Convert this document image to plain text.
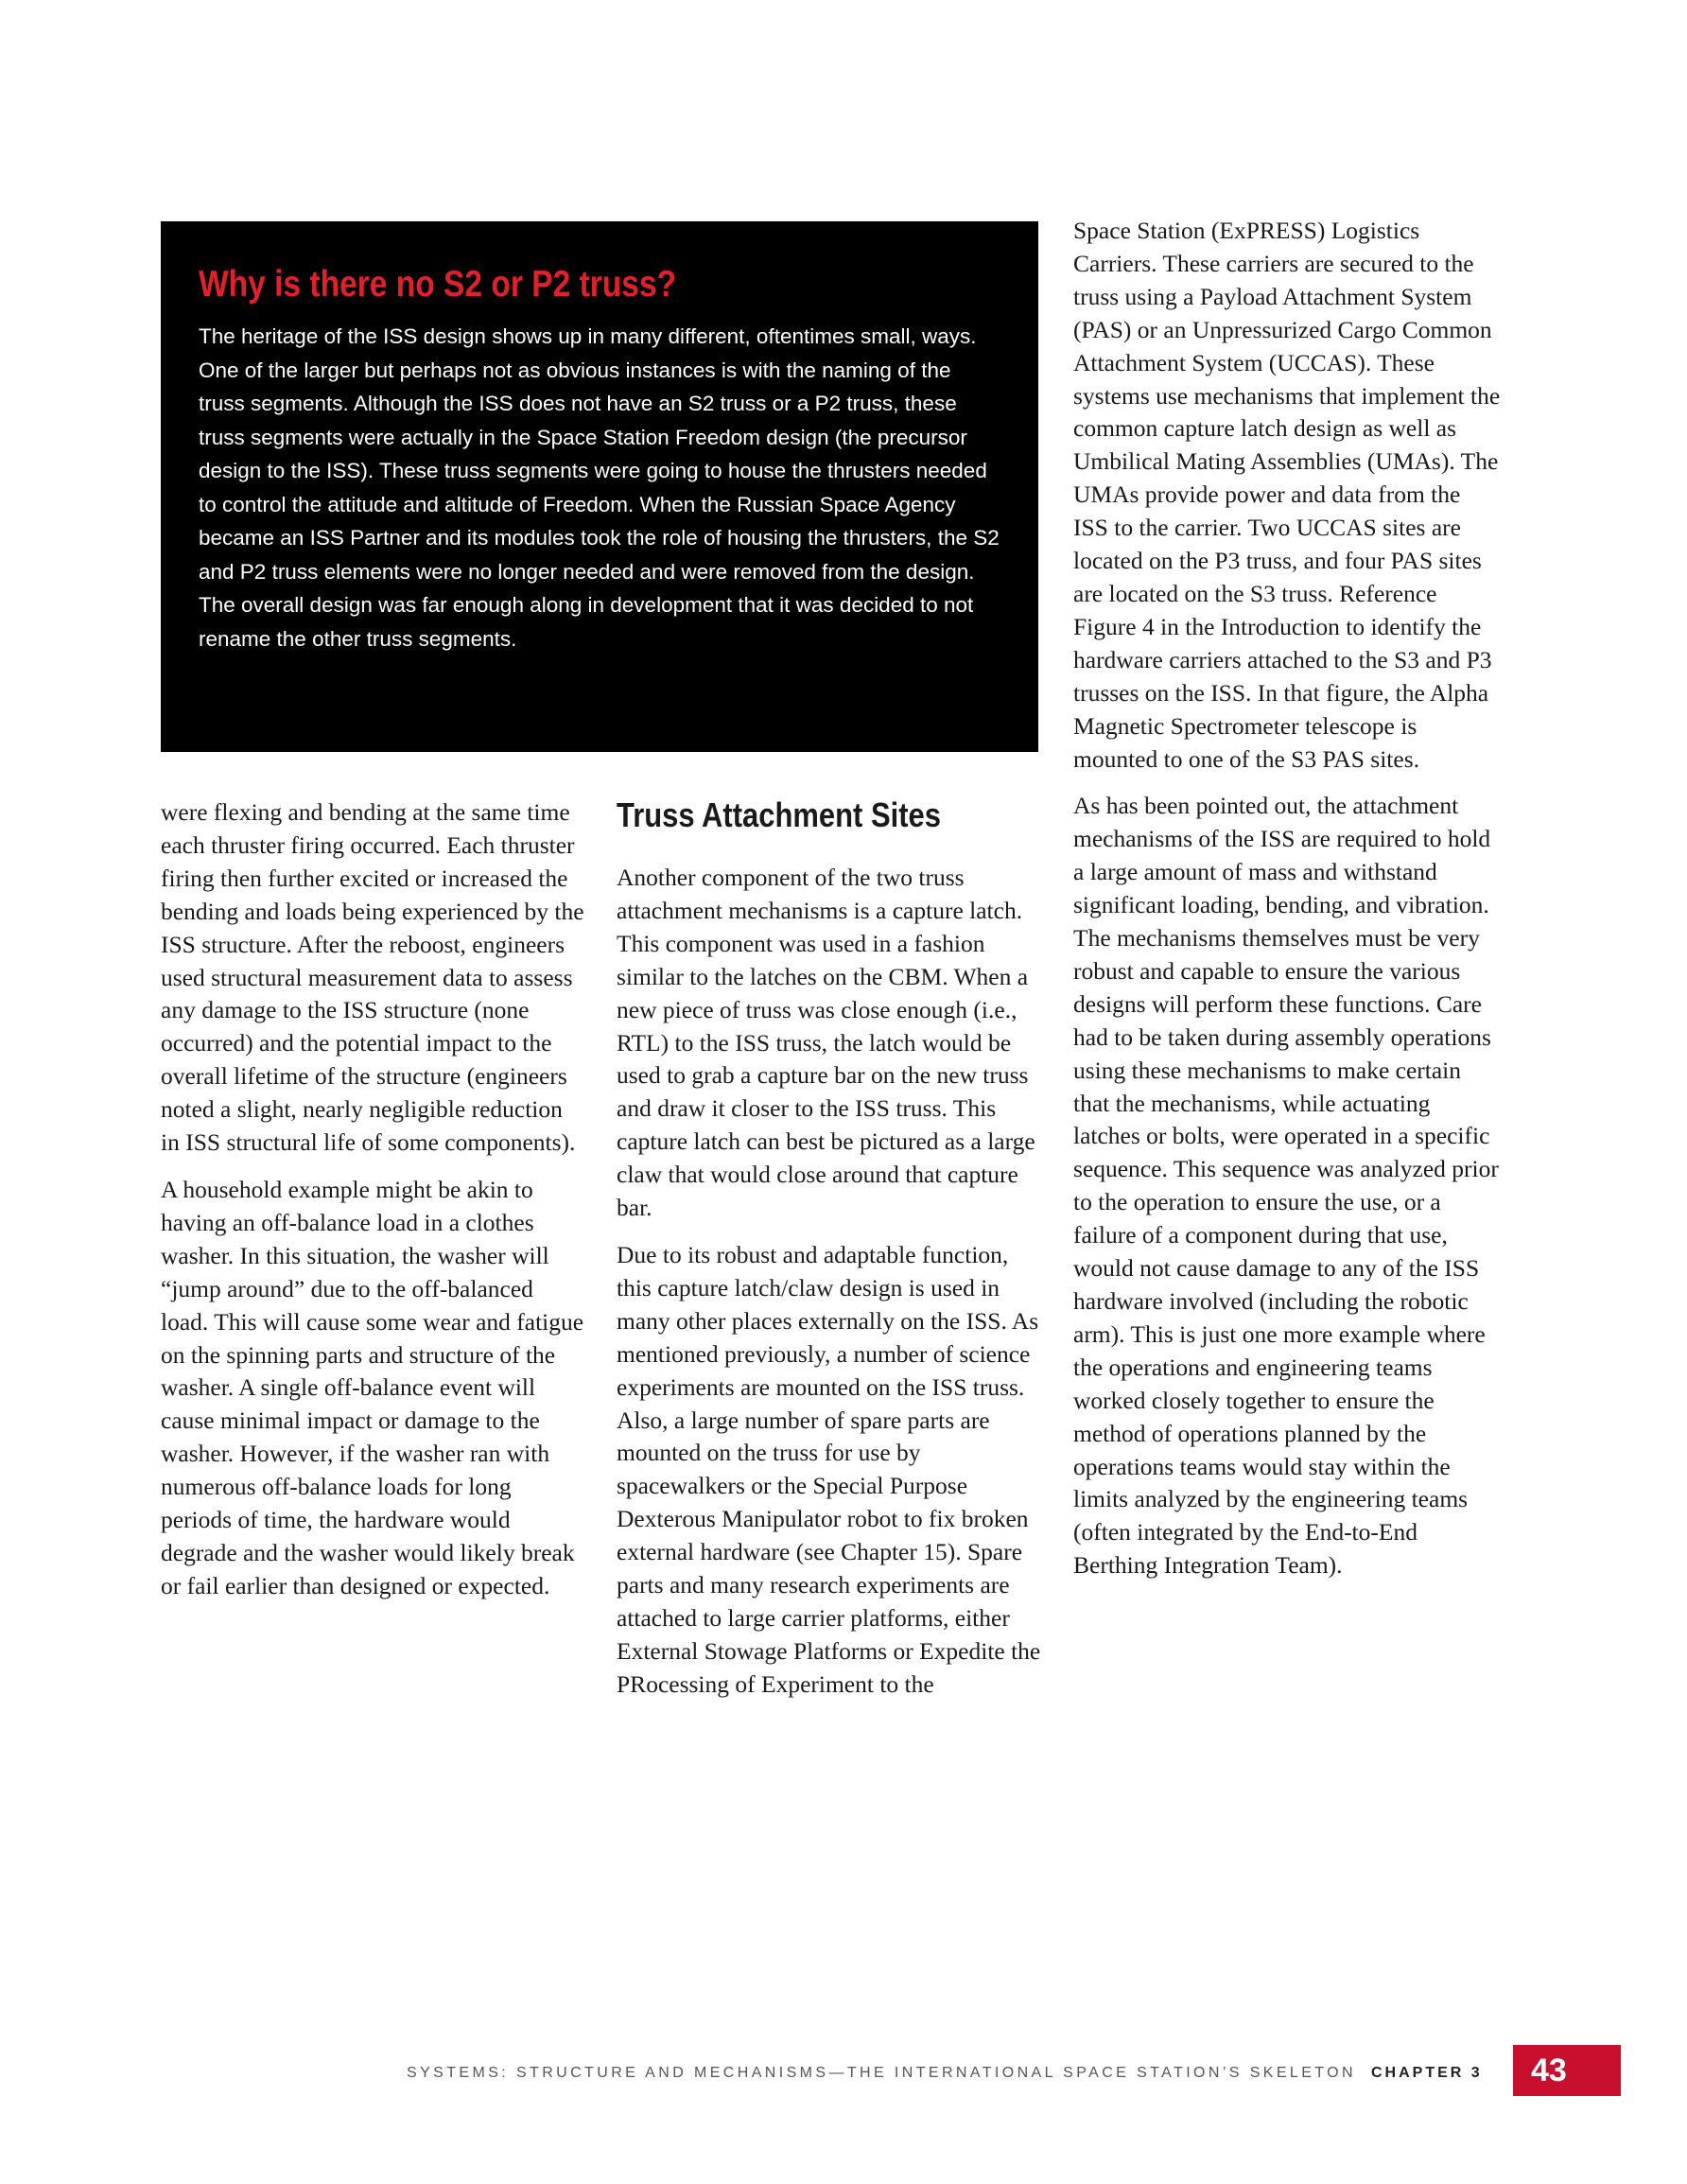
Why is there no S2 or P2 truss?

The heritage of the ISS design shows up in many different, oftentimes small, ways. One of the larger but perhaps not as obvious instances is with the naming of the truss segments. Although the ISS does not have an S2 truss or a P2 truss, these truss segments were actually in the Space Station Freedom design (the precursor design to the ISS). These truss segments were going to house the thrusters needed to control the attitude and altitude of Freedom. When the Russian Space Agency became an ISS Partner and its modules took the role of housing the thrusters, the S2 and P2 truss elements were no longer needed and were removed from the design. The overall design was far enough along in development that it was decided to not rename the other truss segments.

were flexing and bending at the same time each thruster firing occurred. Each thruster firing then further excited or increased the bending and loads being experienced by the ISS structure. After the reboost, engineers used structural measurement data to assess any damage to the ISS structure (none occurred) and the potential impact to the overall lifetime of the structure (engineers noted a slight, nearly negligible reduction in ISS structural life of some components).

A household example might be akin to having an off-balance load in a clothes washer. In this situation, the washer will “jump around” due to the off-balanced load. This will cause some wear and fatigue on the spinning parts and structure of the washer. A single off-balance event will cause minimal impact or damage to the washer. However, if the washer ran with numerous off-balance loads for long periods of time, the hardware would degrade and the washer would likely break or fail earlier than designed or expected.

Truss Attachment Sites

Another component of the two truss attachment mechanisms is a capture latch. This component was used in a fashion similar to the latches on the CBM. When a new piece of truss was close enough (i.e., RTL) to the ISS truss, the latch would be used to grab a capture bar on the new truss and draw it closer to the ISS truss. This capture latch can best be pictured as a large claw that would close around that capture bar.

Due to its robust and adaptable function, this capture latch/claw design is used in many other places externally on the ISS. As mentioned previously, a number of science experiments are mounted on the ISS truss. Also, a large number of spare parts are mounted on the truss for use by spacewalkers or the Special Purpose Dexterous Manipulator robot to fix broken external hardware (see Chapter 15). Spare parts and many research experiments are attached to large carrier platforms, either External Stowage Platforms or Expedite the PRocessing of Experiment to the

Space Station (ExPRESS) Logistics Carriers. These carriers are secured to the truss using a Payload Attachment System (PAS) or an Unpressurized Cargo Common Attachment System (UCCAS). These systems use mechanisms that implement the common capture latch design as well as Umbilical Mating Assemblies (UMAs). The UMAs provide power and data from the ISS to the carrier. Two UCCAS sites are located on the P3 truss, and four PAS sites are located on the S3 truss. Reference Figure 4 in the Introduction to identify the hardware carriers attached to the S3 and P3 trusses on the ISS. In that figure, the Alpha Magnetic Spectrometer telescope is mounted to one of the S3 PAS sites.

As has been pointed out, the attachment mechanisms of the ISS are required to hold a large amount of mass and withstand significant loading, bending, and vibration. The mechanisms themselves must be very robust and capable to ensure the various designs will perform these functions. Care had to be taken during assembly operations using these mechanisms to make certain that the mechanisms, while actuating latches or bolts, were operated in a specific sequence. This sequence was analyzed prior to the operation to ensure the use, or a failure of a component during that use, would not cause damage to any of the ISS hardware involved (including the robotic arm). This is just one more example where the operations and engineering teams worked closely together to ensure the method of operations planned by the operations teams would stay within the limits analyzed by the engineering teams (often integrated by the End-to-End Berthing Integration Team).

SYSTEMS: STRUCTURE AND MECHANISMS—THE INTERNATIONAL SPACE STATION’S SKELETON CHAPTER 3 43
